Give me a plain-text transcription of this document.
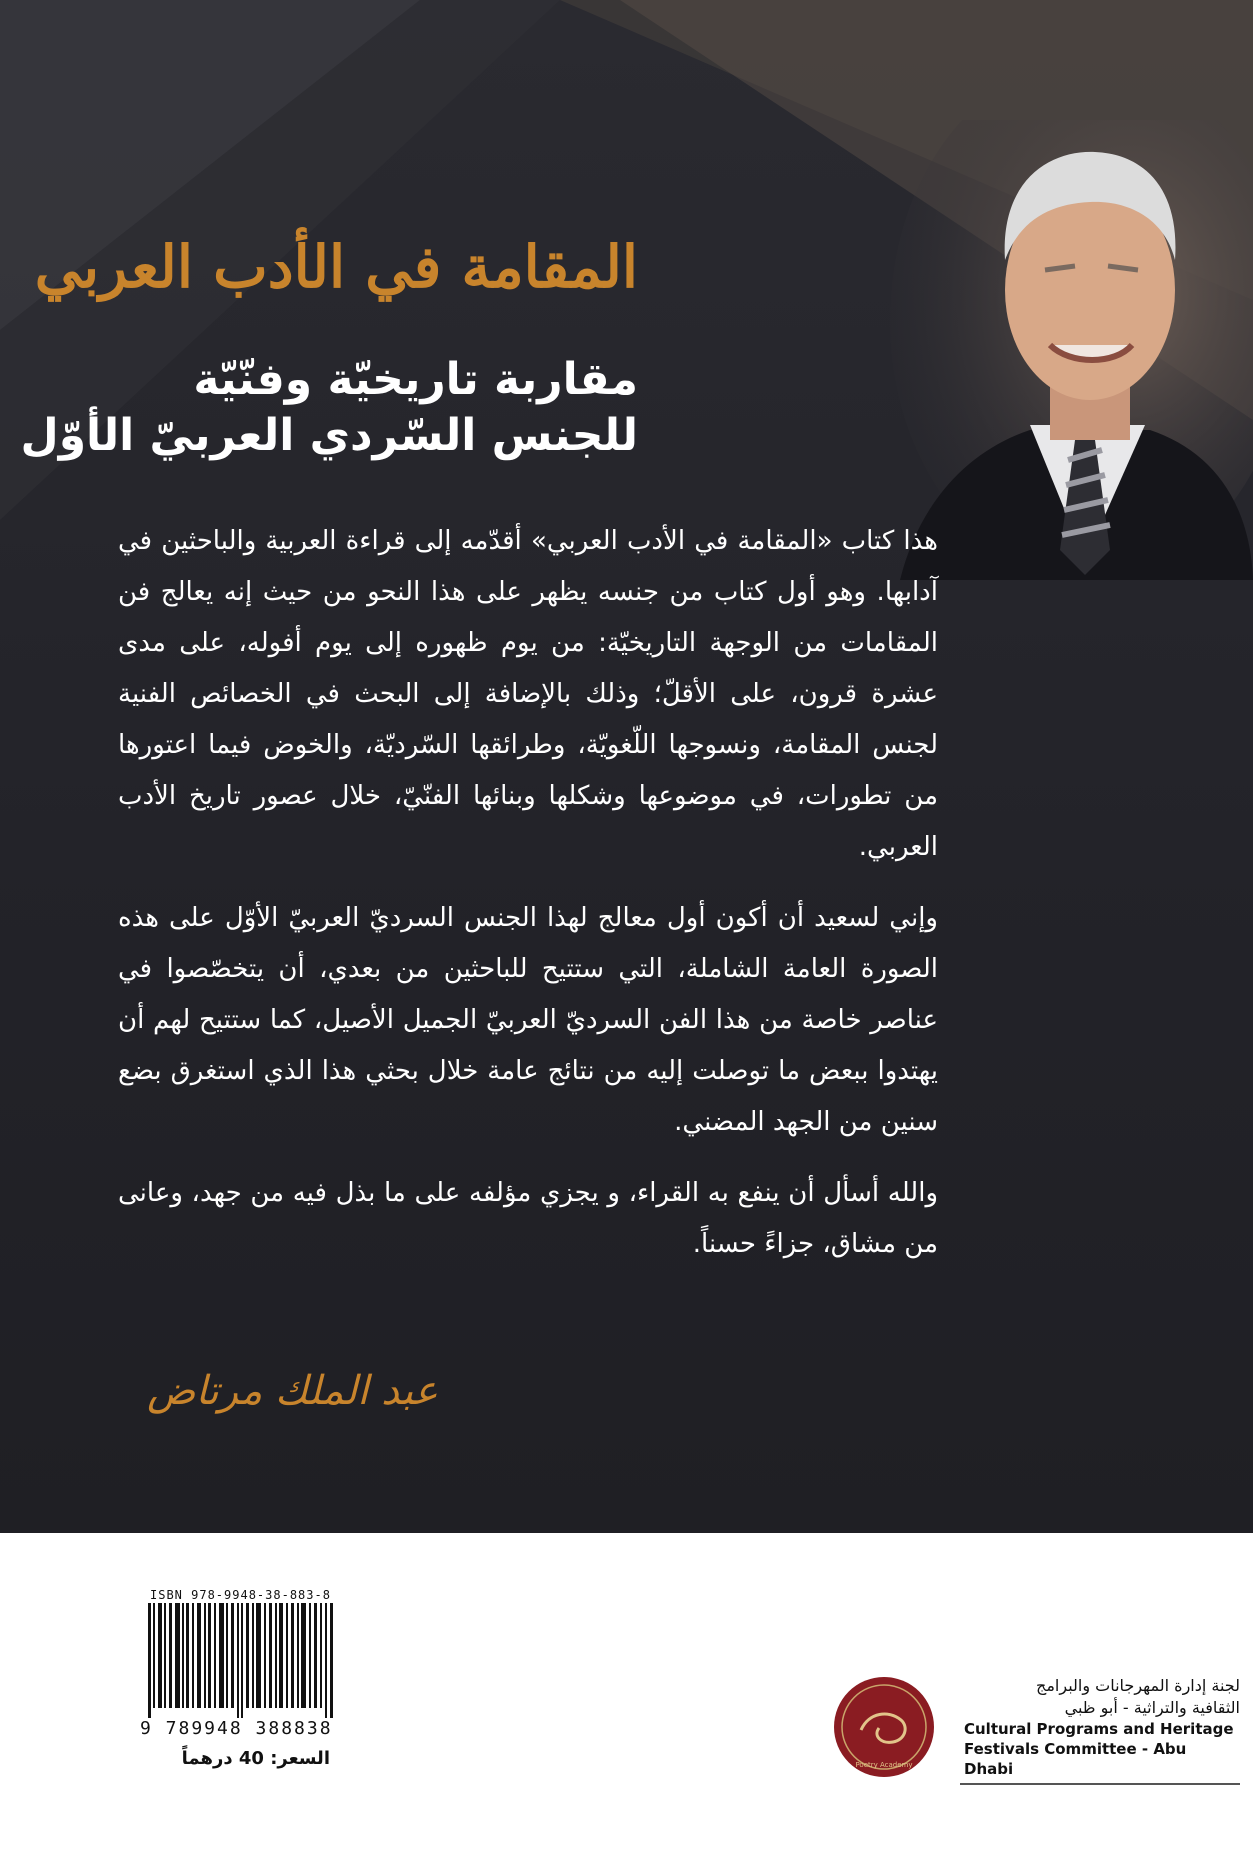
المقامة في الأدب العربي
مقاربة تاريخيّة وفنّيّة
للجنس السّردي العربيّ الأوّل

هذا كتاب «المقامة في الأدب العربي» أقدّمه إلى قراءة العربية والباحثين في آدابها. وهو أول كتاب من جنسه يظهر على هذا النحو من حيث إنه يعالج فن المقامات من الوجهة التاريخيّة: من يوم ظهوره إلى يوم أفوله، على مدى عشرة قرون، على الأقلّ؛ وذلك بالإضافة إلى البحث في الخصائص الفنية لجنس المقامة، ونسوجها اللّغويّة، وطرائقها السّرديّة، والخوض فيما اعتورها من تطورات، في موضوعها وشكلها وبنائها الفنّيّ، خلال عصور تاريخ الأدب العربي.

وإني لسعيد أن أكون أول معالج لهذا الجنس السرديّ العربيّ الأوّل على هذه الصورة العامة الشاملة، التي ستتيح للباحثين من بعدي، أن يتخصّصوا في عناصر خاصة من هذا الفن السرديّ العربيّ الجميل الأصيل، كما ستتيح لهم أن يهتدوا ببعض ما توصلت إليه من نتائج عامة خلال بحثي هذا الذي استغرق بضع سنين من الجهد المضني.

والله أسأل أن ينفع به القراء، و يجزي مؤلفه على ما بذل فيه من جهد، وعانى من مشاق، جزاءً حسناً.

عبد الملك مرتاض
ISBN 978-9948-38-883-8
9 789948 388838
السعر: 40 درهماً	Poetry Academy
لجنة إدارة المهرجانات والبرامج
الثقافية والتراثية - أبو ظبي
Cultural Programs and Heritage
Festivals Committee - Abu Dhabi
